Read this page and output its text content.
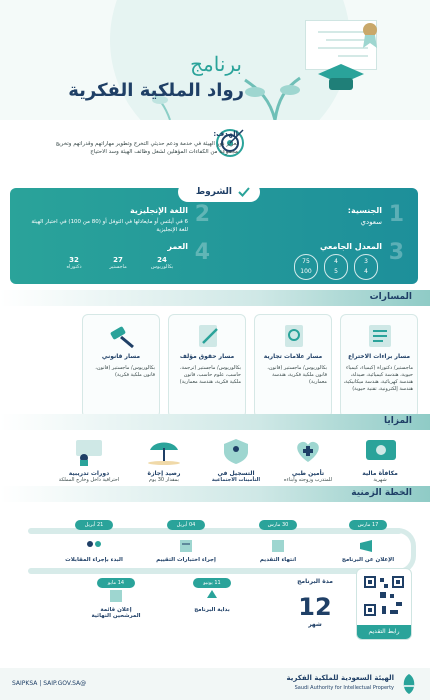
برنامج
رواد الملكية الفكرية
الهدف:
تعزيز دور الهيئة في خدمة ودعم حديثي التخرج وتطوير مهاراتهم وقدراتهم وتخريج مجموعة من الكفاءات المؤهلين لشغل وظائف الهيئة وسد الاحتياج
1
الجنسية:
سعودي
2
اللغة الإنجليزية
6 في آيلتس أو مايعادلها في التوفل أو (80 من 100) في اختبار الهيئة للغة الإنجليزية
3
المعدل الجامعي
3
4
4
5
75
100
4
العمر
24
بكالوريوس
27
ماجستير
32
دكتوراه
الشروط
المسارات
مسار براءات الاختراع
ماجستير/ دكتوراة (كيمياء، كيمياء حيوية، هندسة كيميائية، صيدلة، هندسة كهربائية، هندسة ميكانيكية، هندسة إلكترونية، تقنية حيوية)
مسار علامات تجارية
بكالوريوس/ ماجستير (قانون، قانون ملكية فكرية، هندسة معمارية)
مسار حقوق مؤلف
بكالوريوس/ ماجستير (ترجمة، حاسب، علوم حاسب، قانون ملكية فكرية، هندسة معمارية)
مسار قانوني
بكالوريوس/ ماجستير (قانون، قانون ملكية فكرية)
المزايا
مكافأة مالية
شهرية
تأمين طبي
للمتدرب وزوجته وأبناءه
التسجيل في
التأمينات الاجتماعية
رصيد إجازة
بمقدار 30 يوم
دورات تدريبية
احترافية داخل وخارج المملكة
الخطة الزمنية
17 مارس
الإعلان عن البرنامج
30 مارس
انتهاء التقديم
04 أبريل
إجراء اختبارات التقييم
21 أبريل
البدء بإجراء المقابلات
11 يونيو
بداية البرنامج
14 مايو
إعلان قائمة المرشحين النهائية
مدة البرنامج
12
شهر
رابط التقديم
@SAIPKSA | SAIP.GOV.SA
الهيئة السعودية للملكية الفكرية
Saudi Authority for Intellectual Property
